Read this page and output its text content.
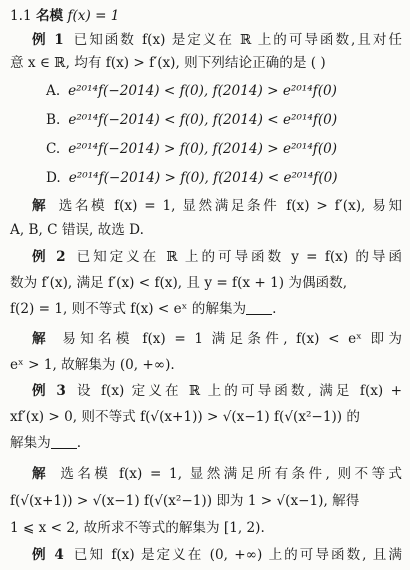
1.1 名模 f(x) = 1
例 1 已知函数 f(x) 是定义在 ℝ 上的可导函数,且对任
意 x ∈ ℝ, 均有 f(x) > f′(x), 则下列结论正确的是 ( )
A. e²⁰¹⁴f(−2014) < f(0), f(2014) > e²⁰¹⁴f(0)
B. e²⁰¹⁴f(−2014) < f(0), f(2014) < e²⁰¹⁴f(0)
C. e²⁰¹⁴f(−2014) > f(0), f(2014) > e²⁰¹⁴f(0)
D. e²⁰¹⁴f(−2014) > f(0), f(2014) < e²⁰¹⁴f(0)
解 选名模 f(x) = 1, 显然满足条件 f(x) > f′(x), 易知
A, B, C 错误, 故选 D.
例 2 已知定义在 ℝ 上的可导函数 y = f(x) 的导函
数为 f′(x), 满足 f′(x) < f(x), 且 y = f(x + 1) 为偶函数,
f(2) = 1, 则不等式 f(x) < eˣ 的解集为 .
解 易知名模 f(x) = 1 满足条件, f(x) < eˣ 即为
eˣ > 1, 故解集为 (0, +∞).
例 3 设 f(x) 定义在 ℝ 上的可导函数, 满足 f(x) +
xf′(x) > 0, 则不等式 f(√(x+1)) > √(x−1) f(√(x²−1)) 的
解集为 .
解 选名模 f(x) = 1, 显然满足所有条件, 则不等式
f(√(x+1)) > √(x−1) f(√(x²−1)) 即为 1 > √(x−1), 解得
1 ⩽ x < 2, 故所求不等式的解集为 [1, 2).
例 4 已知 f(x) 是定义在 (0, +∞) 上的可导函数, 且满
